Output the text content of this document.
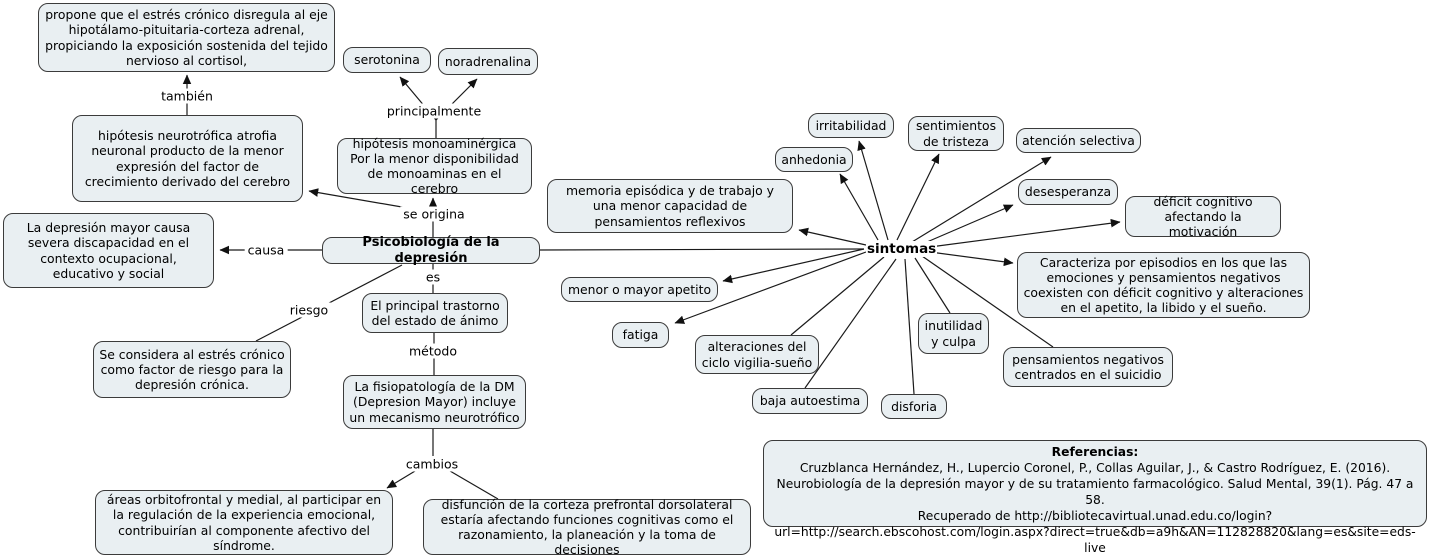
propone que el estrés crónico disregula al eje hipotálamo-pituitaria-corteza adrenal, propiciando la exposición sostenida del tejido nervioso al cortisol,	serotonina	noradrenalina
hipótesis neurotrófica atrofia neuronal producto de la menor expresión del factor de crecimiento derivado del cerebro
hipótesis monoaminérgica Por la menor disponibilidad de monoaminas en el cerebro
La depresión mayor causa severa discapacidad en el contexto ocupacional, educativo y social
Psicobiología de la depresión
El principal trastorno del estado de ánimo
Se considera al estrés crónico como factor de riesgo para la depresión crónica.	La fisiopatología de la DM (Depresion Mayor) incluye un mecanismo neurotrófico
áreas orbitofrontal y medial, al participar en la regulación de la experiencia emocional, contribuirían al componente afectivo del síndrome.
disfunción de la corteza prefrontal dorsolateral estaría afectando funciones cognitivas como el razonamiento, la planeación y la toma de decisiones
memoria episódica y de trabajo y una menor capacidad de pensamientos reflexivos
irritabilidad	sentimientos de tristeza	atención selectiva
anhedonia
desesperanza
déficit cognitivo afectando la motivación
Caracteriza por episodios en los que las emociones y pensamientos negativos coexisten con déficit cognitivo y alteraciones en el apetito, la libido y el sueño.
menor o mayor apetito
fatiga
alteraciones del ciclo vigilia-sueño
inutilidad y culpa
baja autoestima	disforia
pensamientos negativos centrados en el suicidio
sintomas
también
principalmente
se origina
causa
es
riesgo
método
cambios
Referencias:
Cruzblanca Hernández, H., Lupercio Coronel, P., Collas Aguilar, J., & Castro Rodríguez, E. (2016).
Neurobiología de la depresión mayor y de su tratamiento farmacológico. Salud Mental, 39(1). Pág. 47 a 58.
Recuperado de http://bibliotecavirtual.unad.edu.co/login?
url=http://search.ebscohost.com/login.aspx?direct=true&db=a9h&AN=112828820&lang=es&site=eds-live
